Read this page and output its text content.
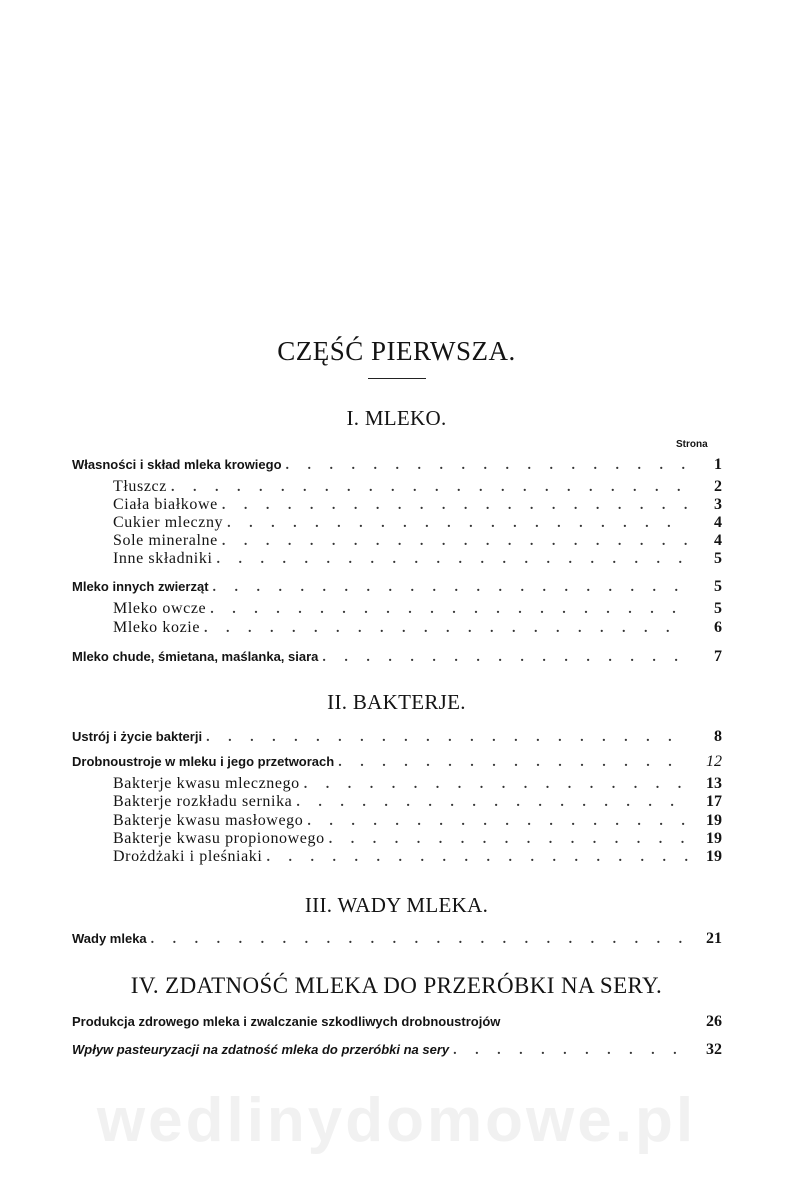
CZĘŚĆ PIERWSZA.
I. MLEKO.
Strona
Własności i skład mleka krowiego . . .	1
Tłuszcz . . .	2
Ciała białkowe . . .	3
Cukier mleczny . . .	4
Sole mineralne . . .	4
Inne składniki . . .	5
Mleko innych zwierząt . . .	5
Mleko owcze . . .	5
Mleko kozie . . .	6
Mleko chude, śmietana, maślanka, siara . . .	7
II. BAKTERJE.
Ustrój i życie bakterji . . .	8
Drobnoustroje w mleku i jego przetworach . . .	12
Bakterje kwasu mlecznego . . .	13
Bakterje rozkładu sernika . . .	17
Bakterje kwasu masłowego . . .	19
Bakterje kwasu propionowego . . .	19
Drożdżaki i pleśniaki . . .	19
III. WADY MLEKA.
Wady mleka . . .	21
IV. ZDATNOŚĆ MLEKA DO PRZERÓBKI NA SERY.
Produkcja zdrowego mleka i zwalczanie szkodliwych drobnoustrojów	26
Wpływ pasteuryzacji na zdatność mleka do przeróbki na sery . . .	32
wedlinydomowe.pl
